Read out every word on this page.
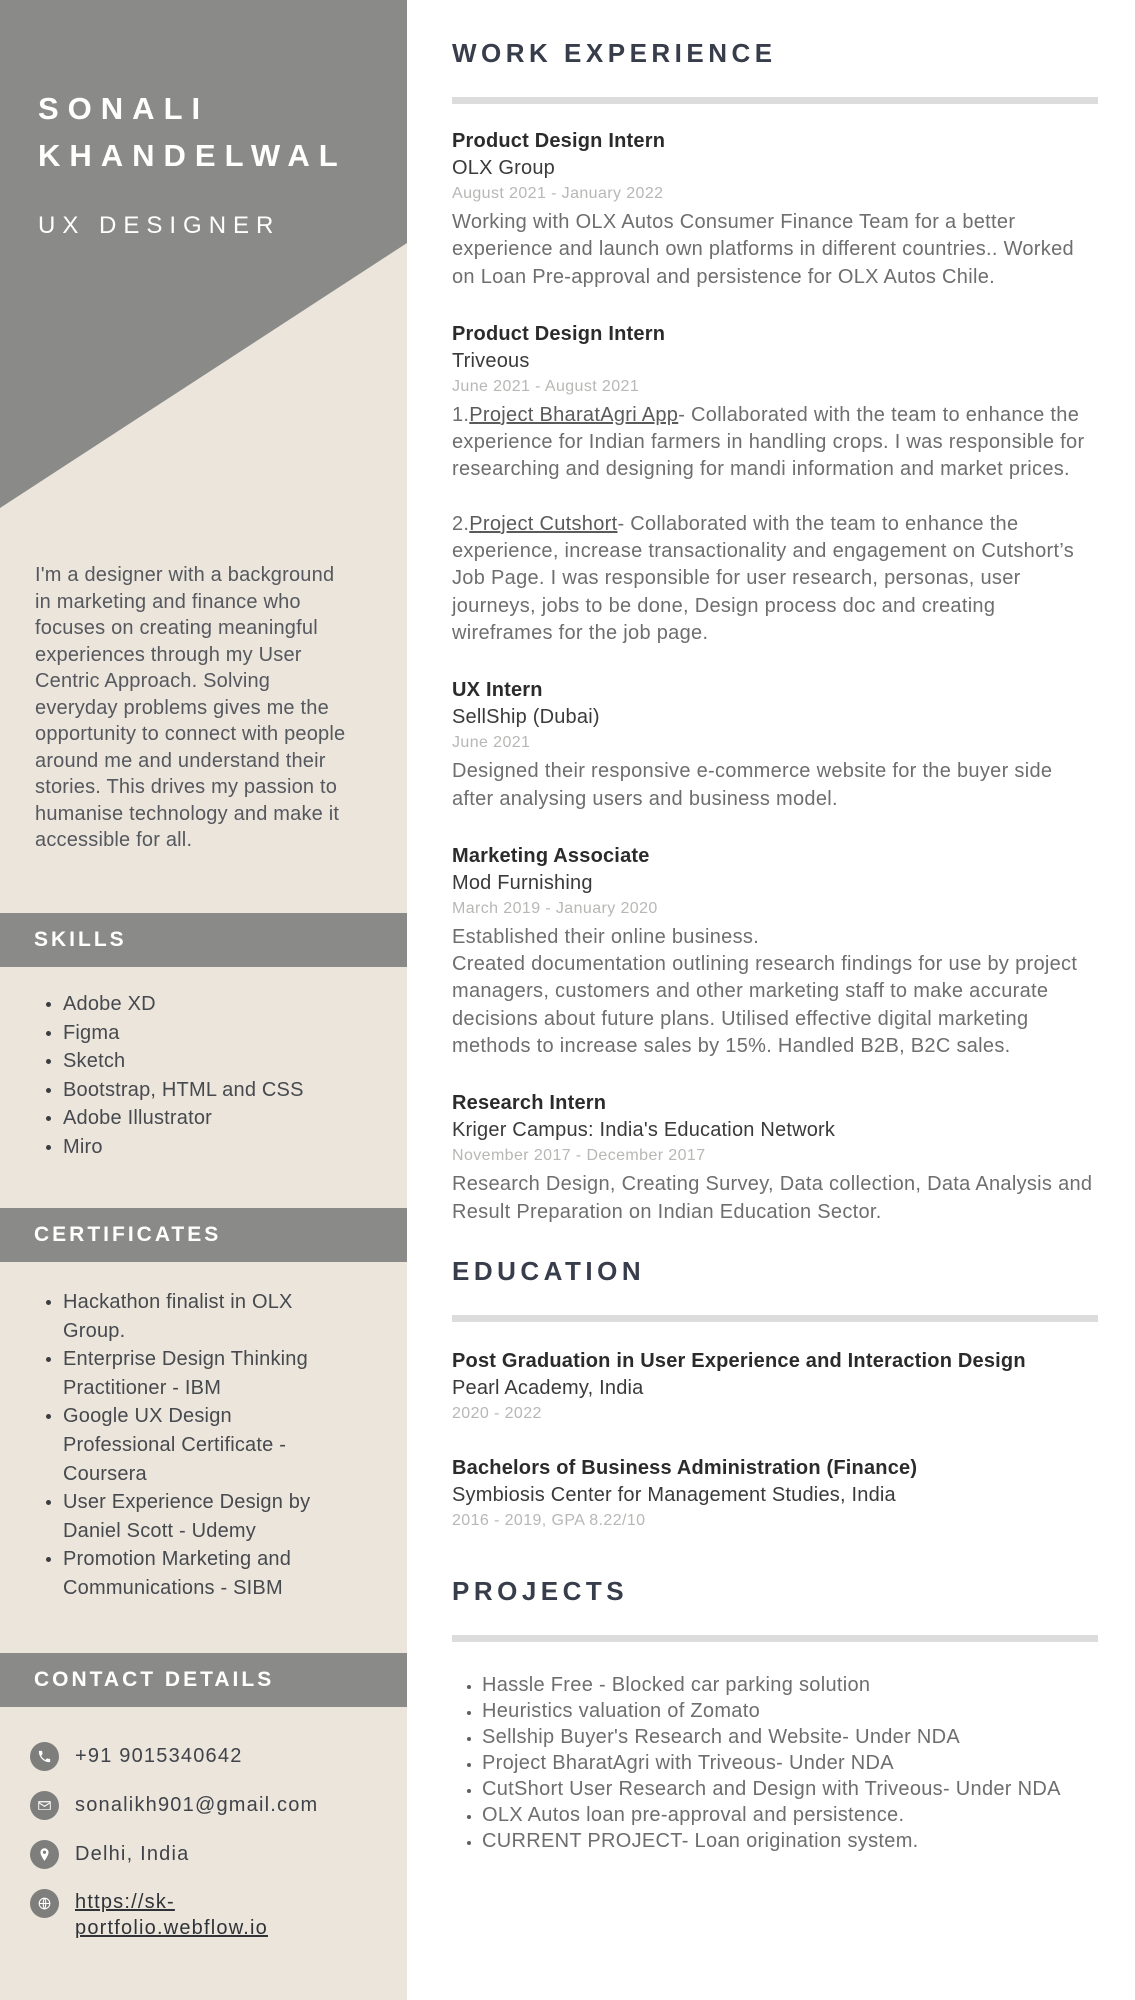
SONALI
KHANDELWAL
UX DESIGNER

I'm a designer with a background in marketing and finance who focuses on creating meaningful experiences through my User Centric Approach. Solving everyday problems gives me the opportunity to connect with people around me and understand their stories. This drives my passion to humanise technology and make it accessible for all.

SKILLS
• Adobe XD
• Figma
• Sketch
• Bootstrap, HTML and CSS
• Adobe Illustrator
• Miro
CERTIFICATES
• Hackathon finalist in OLX Group.
• Enterprise Design Thinking Practitioner - IBM
• Google UX Design Professional Certificate - Coursera
• User Experience Design by Daniel Scott - Udemy
• Promotion Marketing and Communications - SIBM
CONTACT DETAILS
+91 9015340642
sonalikh901@gmail.com
Delhi, India
https://sk-portfolio.webflow.io
WORK EXPERIENCE
Product Design Intern
OLX Group
August 2021 - January 2022

Working with OLX Autos Consumer Finance Team for a better experience and launch own platforms in different countries.. Worked on Loan Pre-approval and persistence for OLX Autos Chile.

Product Design Intern
Triveous
June 2021 - August 2021

1.Project BharatAgri App- Collaborated with the team to enhance the experience for Indian farmers in handling crops. I was responsible for researching and designing for mandi information and market prices.

2.Project Cutshort- Collaborated with the team to enhance the experience, increase transactionality and engagement on Cutshort’s Job Page. I was responsible for user research, personas, user journeys, jobs to be done, Design process doc and creating wireframes for the job page.

UX Intern
SellShip (Dubai)
June 2021

Designed their responsive e-commerce website for the buyer side after analysing users and business model.

Marketing Associate
Mod Furnishing
March 2019 - January 2020

Established their online business.

Created documentation outlining research findings for use by project managers, customers and other marketing staff to make accurate decisions about future plans. Utilised effective digital marketing methods to increase sales by 15%. Handled B2B, B2C sales.

Research Intern
Kriger Campus: India's Education Network
November 2017 - December 2017

Research Design, Creating Survey, Data collection, Data Analysis and Result Preparation on Indian Education Sector.

EDUCATION
Post Graduation in User Experience and Interaction Design
Pearl Academy, India
2020 - 2022
Bachelors of Business Administration (Finance)
Symbiosis Center for Management Studies, India
2016 - 2019, GPA 8.22/10
PROJECTS
• Hassle Free - Blocked car parking solution
• Heuristics valuation of Zomato
• Sellship Buyer's Research and Website- Under NDA
• Project BharatAgri with Triveous- Under NDA
• CutShort User Research and Design with Triveous- Under NDA
• OLX Autos loan pre-approval and persistence.
• CURRENT PROJECT- Loan origination system.
